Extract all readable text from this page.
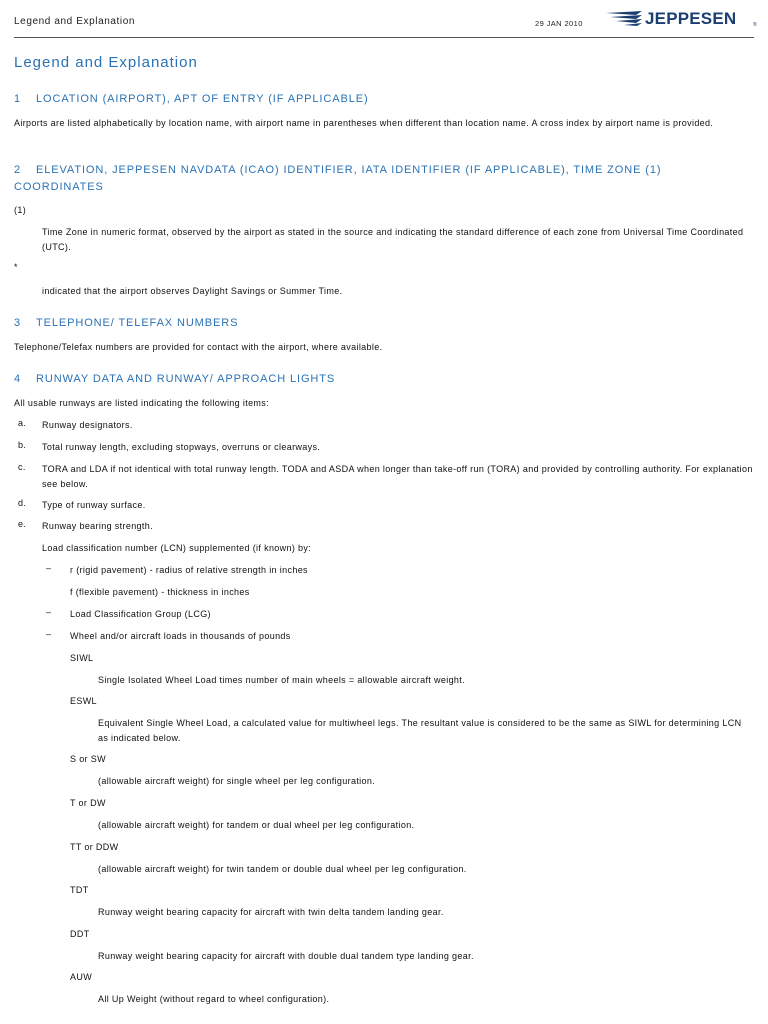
Legend and Explanation	29 JAN 2010	JEPPESEN	®
Legend and Explanation
1 LOCATION (AIRPORT), APT OF ENTRY (IF APPLICABLE)
Airports are listed alphabetically by location name, with airport name in parentheses when different than location name. A cross index by airport name is provided.
2 ELEVATION, JEPPESEN NAVDATA (ICAO) IDENTIFIER, IATA IDENTIFIER (IF APPLICABLE), TIME ZONE (1) COORDINATES
(1)
Time Zone in numeric format, observed by the airport as stated in the source and indicating the standard difference of each zone from Universal Time Coordinated (UTC).
*
indicated that the airport observes Daylight Savings or Summer Time.
3 TELEPHONE/ TELEFAX NUMBERS
Telephone/Telefax numbers are provided for contact with the airport, where available.
4 RUNWAY DATA AND RUNWAY/ APPROACH LIGHTS
All usable runways are listed indicating the following items:
a. Runway designators.
b. Total runway length, excluding stopways, overruns or clearways.
c. TORA and LDA if not identical with total runway length. TODA and ASDA when longer than take-off run (TORA) and provided by controlling authority. For explanation see below.
d. Type of runway surface.
e. Runway bearing strength.
Load classification number (LCN) supplemented (if known) by:
– r (rigid pavement) - radius of relative strength in inches
f (flexible pavement) - thickness in inches
– Load Classification Group (LCG)
– Wheel and/or aircraft loads in thousands of pounds
SIWL
Single Isolated Wheel Load times number of main wheels = allowable aircraft weight.
ESWL
Equivalent Single Wheel Load, a calculated value for multiwheel legs. The resultant value is considered to be the same as SIWL for determining LCN as indicated below.
S or SW
(allowable aircraft weight) for single wheel per leg configuration.
T or DW
(allowable aircraft weight) for tandem or dual wheel per leg configuration.
TT or DDW
(allowable aircraft weight) for twin tandem or double dual wheel per leg configuration.
TDT
Runway weight bearing capacity for aircraft with twin delta tandem landing gear.
DDT
Runway weight bearing capacity for aircraft with double dual tandem type landing gear.
AUW
All Up Weight (without regard to wheel configuration).
